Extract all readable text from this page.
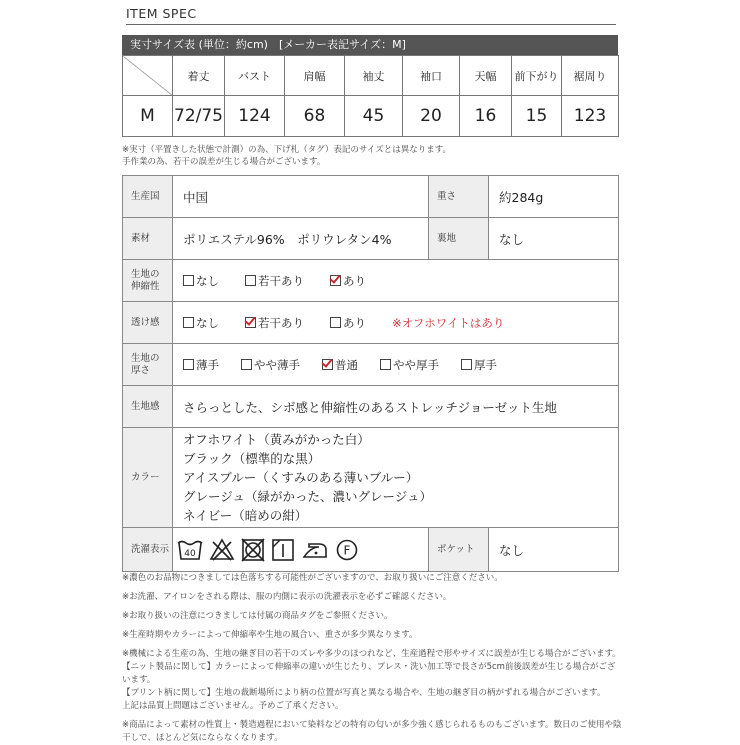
ITEM SPEC
実寸サイズ表 (単位：約cm)　[メーカー表記サイズ：M]
	着丈	バスト	肩幅	袖丈	袖口	天幅	前下がり	裾周り
M	72/75	124	68	45	20	16	15	123
※実寸（平置きした状態で計測）の為、下げ札（タグ）表記のサイズとは異なります。
手作業の為、若干の誤差が生じる場合がございます。
生産国	中国	重さ	約284g
素材	ポリエステル96%　ポリウレタン4%	裏地	なし
生地の
伸縮性	なし 若干あり あり		
透け感	なし 若干あり あり ※オフホワイトはあり		
生地の
厚さ	薄手 やや薄手 普通 やや厚手 厚手		
生地感	さらっとした、シボ感と伸縮性のあるストレッチジョーゼット生地		
カラー	オフホワイト（黄みがかった白）
ブラック（標準的な黒）
アイスブルー（くすみのある薄いブルー）
グレージュ（緑がかった、濃いグレージュ）
ネイビー（暗めの紺）		

洗濯表示	40 F	ポケット	なし

※濃色のお品物につきましては色落ちする可能性がございますので、お取り扱いにご注意ください。

※お洗濯、アイロンをされる際は、服の内側に表示の洗濯表示を必ずご確認ください。

※お取り扱いの注意につきましては付属の商品タグをご参照ください。

※生産時期やカラーによって伸縮率や生地の風合い、重さが多少異なります。

※機械による生産の為、生地の継ぎ目の若干のズレや多少のほつれなど、生産過程で形やサイズに誤差が生じる場合がございます。

【ニット製品に関して】カラーによって伸縮率の違いが生じたり、プレス・洗い加工等で長さが5cm前後誤差が生じる場合がございます。

【プリント柄に関して】生地の裁断場所により柄の位置が写真と異なる場合や、生地の継ぎ目の柄がずれる場合がございます。

上記は品質上問題はございません。予めご了承ください。

※商品によって素材の性質上・製造過程において染料などの特有の匂いが多少強く感じられるものもございます。数日のご使用や陰干しで、ほとんど気にならなくなります。
